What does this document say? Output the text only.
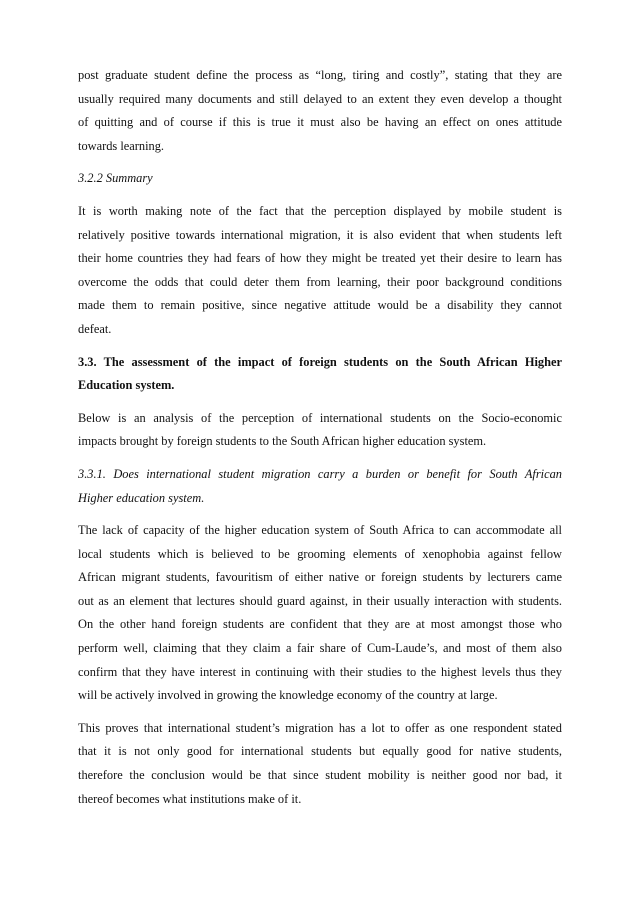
post graduate student define the process as “long, tiring and costly”, stating that they are
usually required many documents and still delayed to an extent they even develop a thought
of quitting and of course if this is true it must also be having an effect on ones attitude
towards learning.

3.2.2 Summary

It is worth making note of the fact that the perception displayed by mobile student is
relatively positive towards international migration, it is also evident that when students left
their home countries they had fears of how they might be treated yet their desire to learn has
overcome the odds that could deter them from learning, their poor background conditions
made them to remain positive, since negative attitude would be a disability they cannot
defeat.

3.3. The assessment of the impact of foreign students on the South African Higher
Education system.

Below is an analysis of the perception of international students on the Socio-economic
impacts brought by foreign students to the South African higher education system.

3.3.1. Does international student migration carry a burden or benefit for South African
Higher education system.

The lack of capacity of the higher education system of South Africa to can accommodate all
local students which is believed to be grooming elements of xenophobia against fellow
African migrant students, favouritism of either native or foreign students by lecturers came
out as an element that lectures should guard against, in their usually interaction with students.
On the other hand foreign students are confident that they are at most amongst those who
perform well, claiming that they claim a fair share of Cum-Laude’s, and most of them also
confirm that they have interest in continuing with their studies to the highest levels thus they
will be actively involved in growing the knowledge economy of the country at large.

This proves that international student’s migration has a lot to offer as one respondent stated
that it is not only good for international students but equally good for native students,
therefore the conclusion would be that since student mobility is neither good nor bad, it
thereof becomes what institutions make of it.
